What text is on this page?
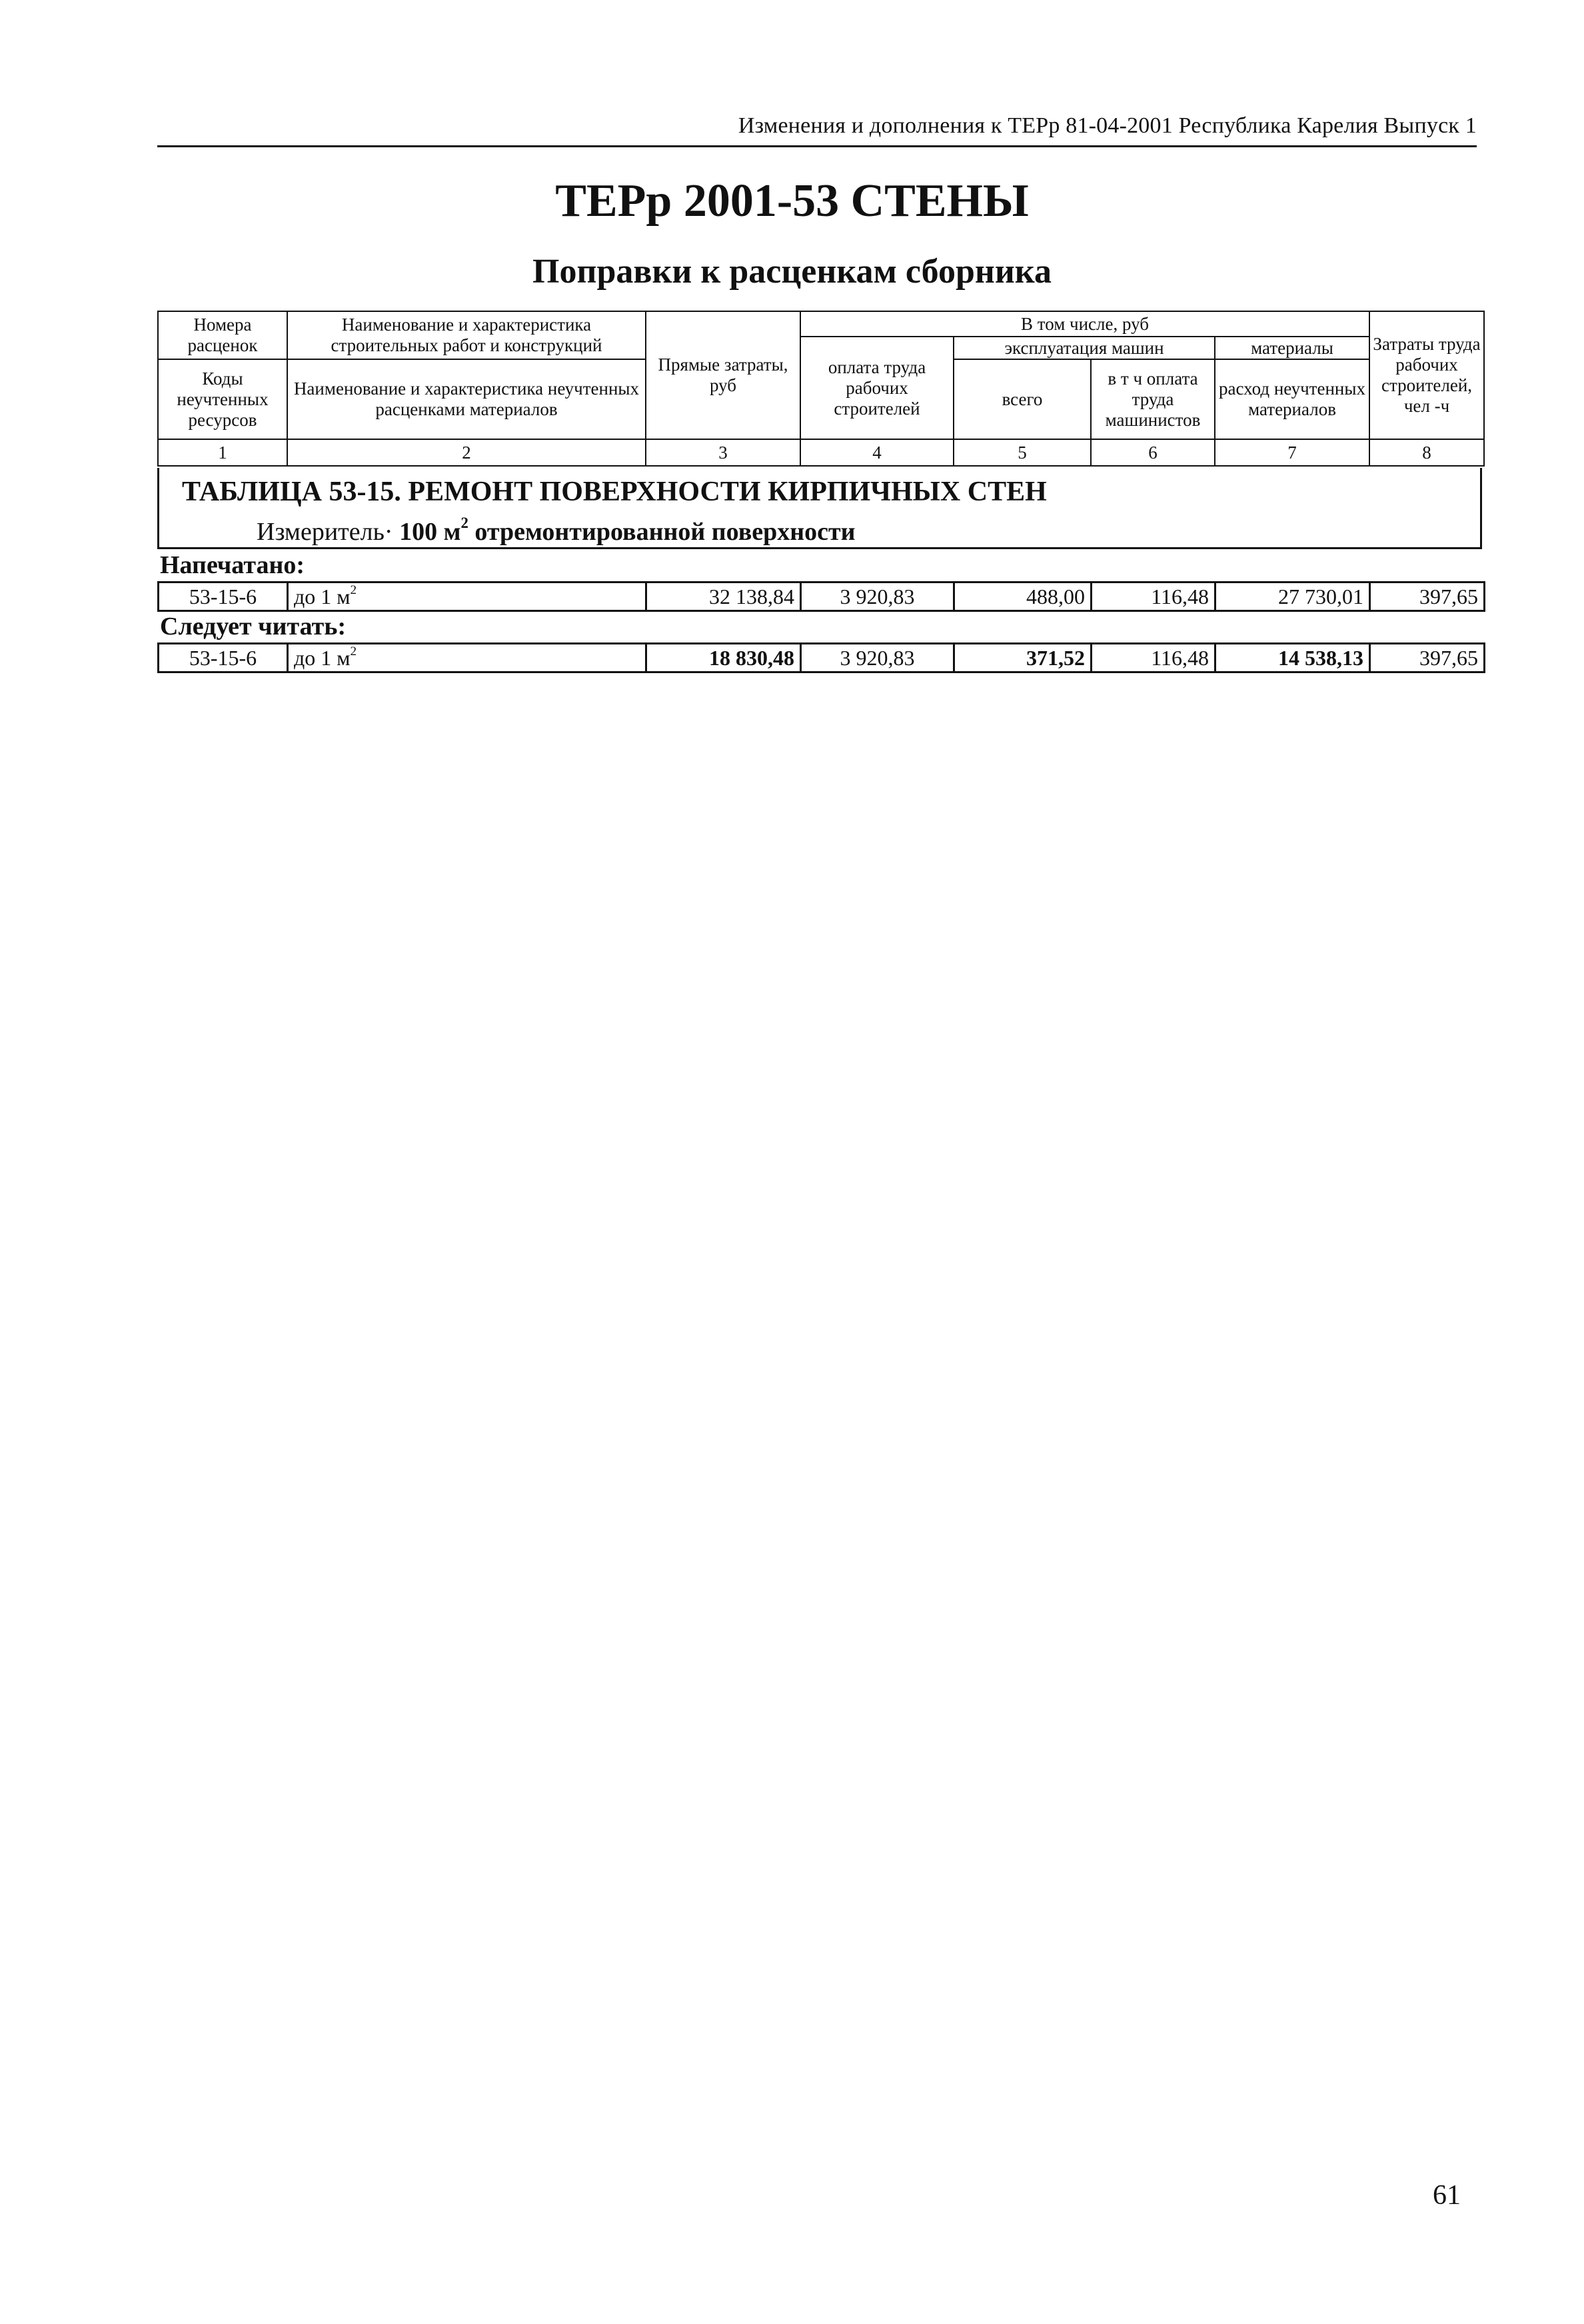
Изменения и дополнения к ТЕРр 81-04-2001 Республика Карелия Выпуск 1
ТЕРр 2001-53 СТЕНЫ
Поправки к расценкам сборника
Номера расценок	Наименование и характеристика строительных работ и конструкций	Прямые затраты, руб	В том числе, руб				Затраты труда рабочих строителей, чел -ч
			оплата труда рабочих строителей	эксплуатация машин		материалы	
Коды неучтенных ресурсов	Наименование и характеристика неучтенных расценками материалов			всего	в т ч оплата труда машинистов	расход неучтенных материалов	

1	2	3	4	5	6	7	8
ТАБЛИЦА 53-15. РЕМОНТ ПОВЕРХНОСТИ КИРПИЧНЫХ СТЕН
Измеритель· 100 $м^2$ отремонтированной поверхности
Напечатано:
53-15-6	до 1 $м^2$	32 138,84	3 920,83	488,00	116,48	27 730,01	397,65
Следует читать:
53-15-6	до 1 $м^2$	18 830,48	3 920,83	371,52	116,48	14 538,13	397,65
61
